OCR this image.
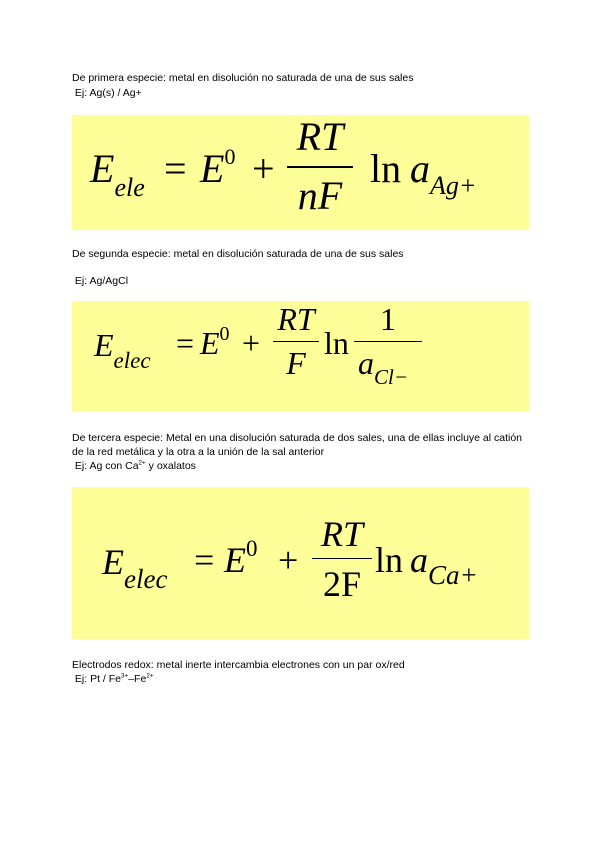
De primera especie: metal en disolución no saturada de una de sus sales

Ej: Ag(s) / Ag+

$E_{ele} = E^0$ +
RT
nF
$\ln a_{Ag+}$

De segunda especie: metal en disolución saturada de una de sus sales

Ej: Ag/AgCl

$E_{elec} = E^0$ +
RT
F
ln
1
$a_{Cl-}$

De tercera especie: Metal en una disolución saturada de dos sales, una de ellas incluye al catión de la red metálica y la otra a la unión de la sal anterior

Ej: Ag con $Ca^{2+}$ y oxalatos

$E_{elec} = E^0$ +
RT
2F
$\ln a_{Ca+}$

Electrodos redox: metal inerte intercambia electrones con un par ox/red

Ej: Pt / $Fe^{3+}-Fe^{2+}$
